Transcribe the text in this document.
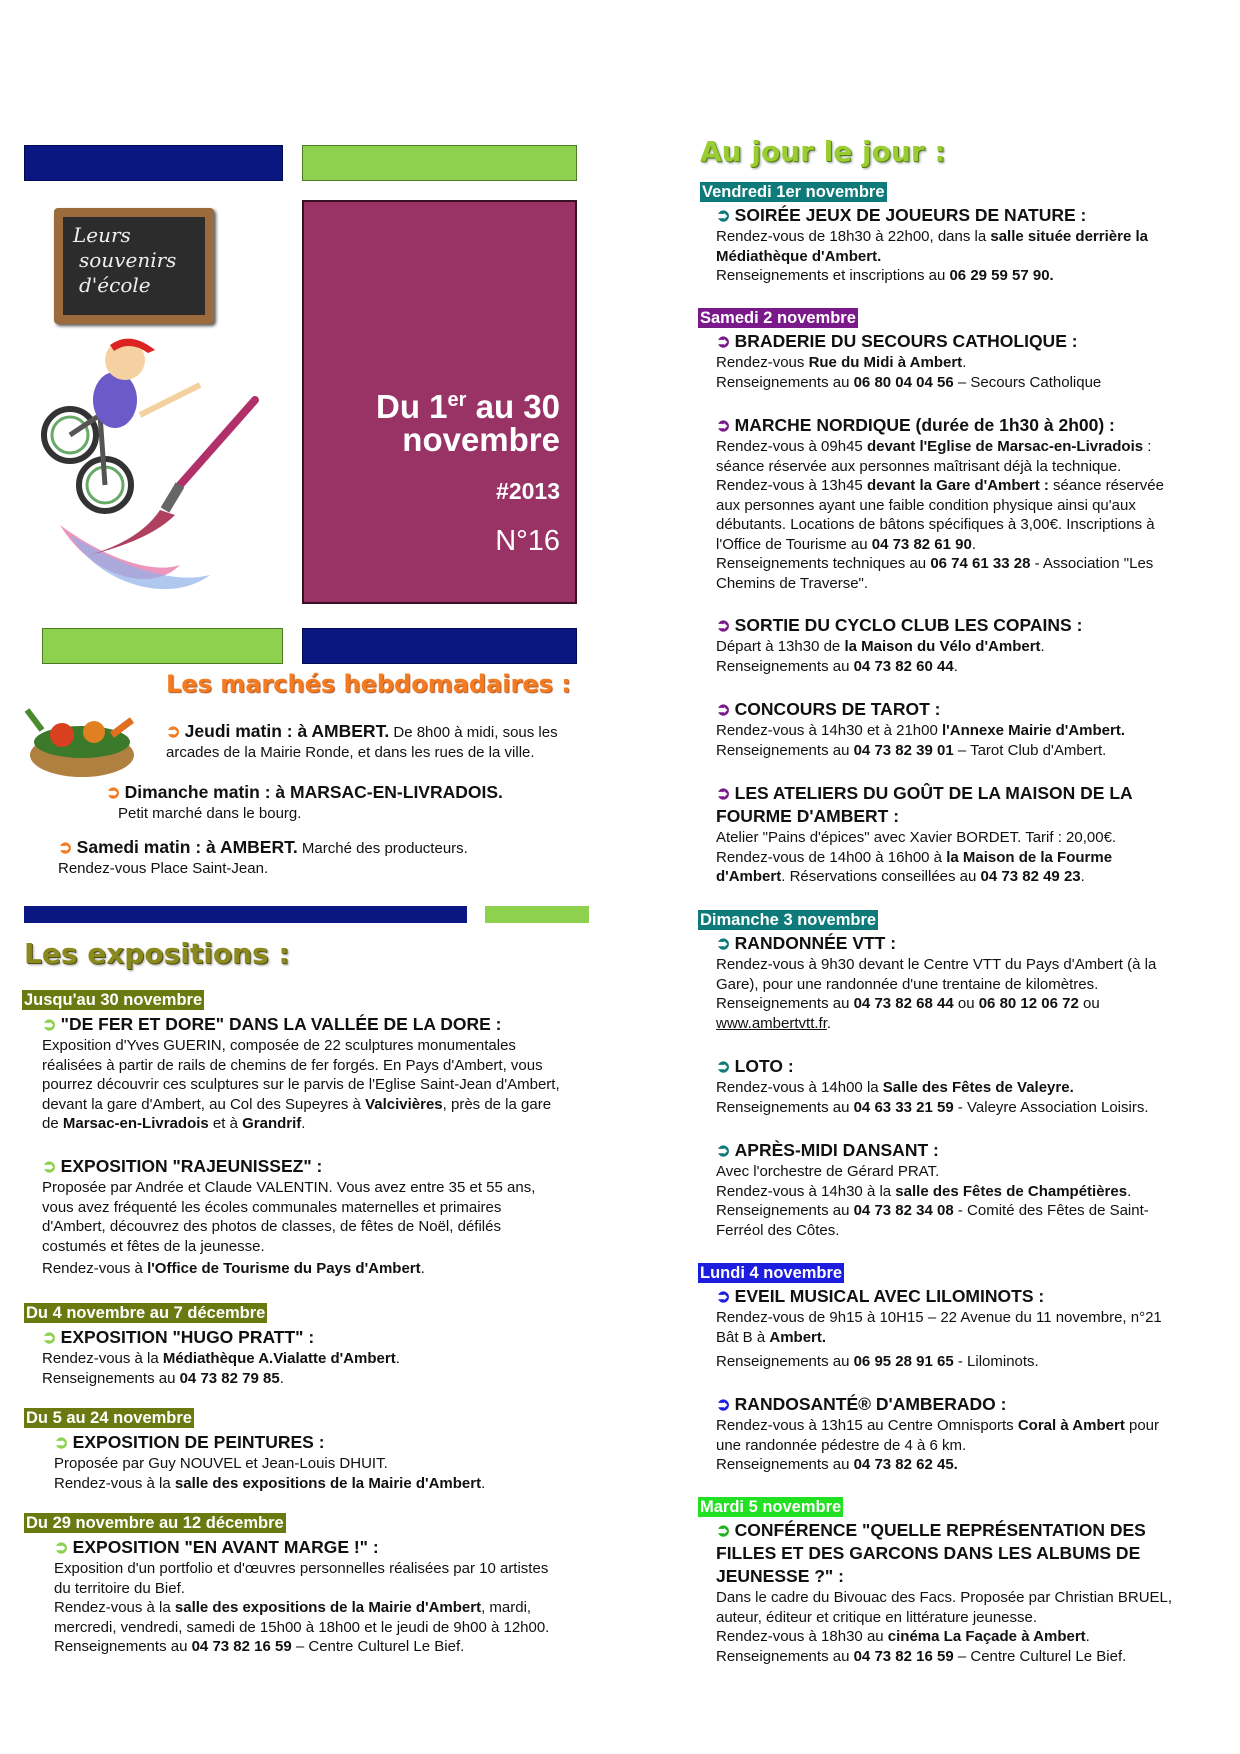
Leurs
souvenirs
d'école
Du 1er au 30
novembre
#2013
N°16
Les marchés hebdomadaires :
➲ Jeudi matin : à AMBERT. De 8h00 à midi, sous les
arcades de la Mairie Ronde, et dans les rues de la ville.
➲ Dimanche matin : à MARSAC-EN-LIVRADOIS.
Petit marché dans le bourg.
➲ Samedi matin : à AMBERT. Marché des producteurs.
Rendez-vous Place Saint-Jean.
Les expositions :
Jusqu'au 30 novembre
➲ "DE FER ET DORE" DANS LA VALLÉE DE LA DORE :
Exposition d'Yves GUERIN, composée de 22 sculptures monumentales
réalisées à partir de rails de chemins de fer forgés. En Pays d'Ambert, vous
pourrez découvrir ces sculptures sur le parvis de l'Eglise Saint-Jean d'Ambert,
devant la gare d'Ambert, au Col des Supeyres à Valcivières, près de la gare
de Marsac-en-Livradois et à Grandrif.
➲ EXPOSITION "RAJEUNISSEZ" :
Proposée par Andrée et Claude VALENTIN. Vous avez entre 35 et 55 ans,
vous avez fréquenté les écoles communales maternelles et primaires
d'Ambert, découvrez des photos de classes, de fêtes de Noël, défilés
costumés et fêtes de la jeunesse.
Rendez-vous à l'Office de Tourisme du Pays d'Ambert.
Du 4 novembre au 7 décembre
➲ EXPOSITION "HUGO PRATT" :
Rendez-vous à la Médiathèque A.Vialatte d'Ambert.
Renseignements au 04 73 82 79 85.
Du 5 au 24 novembre
➲ EXPOSITION DE PEINTURES :
Proposée par Guy NOUVEL et Jean-Louis DHUIT.
Rendez-vous à la salle des expositions de la Mairie d'Ambert.
Du 29 novembre au 12 décembre
➲ EXPOSITION "EN AVANT MARGE !" :
Exposition d'un portfolio et d'œuvres personnelles réalisées par 10 artistes
du territoire du Bief.
Rendez-vous à la salle des expositions de la Mairie d'Ambert, mardi,
mercredi, vendredi, samedi de 15h00 à 18h00 et le jeudi de 9h00 à 12h00.
Renseignements au 04 73 82 16 59 – Centre Culturel Le Bief.
Au jour le jour :
Vendredi 1er novembre
➲ SOIRÉE JEUX DE JOUEURS DE NATURE :
Rendez-vous de 18h30 à 22h00, dans la salle située derrière la
Médiathèque d'Ambert.
Renseignements et inscriptions au 06 29 59 57 90.
Samedi 2 novembre
➲ BRADERIE DU SECOURS CATHOLIQUE :
Rendez-vous Rue du Midi à Ambert.
Renseignements au 06 80 04 04 56 – Secours Catholique
➲ MARCHE NORDIQUE (durée de 1h30 à 2h00) :
Rendez-vous à 09h45 devant l'Eglise de Marsac-en-Livradois :
séance réservée aux personnes maîtrisant déjà la technique.
Rendez-vous à 13h45 devant la Gare d'Ambert : séance réservée
aux personnes ayant une faible condition physique ainsi qu'aux
débutants. Locations de bâtons spécifiques à 3,00€. Inscriptions à
l'Office de Tourisme au 04 73 82 61 90.
Renseignements techniques au 06 74 61 33 28 - Association "Les
Chemins de Traverse".
➲ SORTIE DU CYCLO CLUB LES COPAINS :
Départ à 13h30 de la Maison du Vélo d'Ambert.
Renseignements au 04 73 82 60 44.
➲ CONCOURS DE TAROT :
Rendez-vous à 14h30 et à 21h00 l'Annexe Mairie d'Ambert.
Renseignements au 04 73 82 39 01 – Tarot Club d'Ambert.
➲ LES ATELIERS DU GOÛT DE LA MAISON DE LA
FOURME D'AMBERT :
Atelier "Pains d'épices" avec Xavier BORDET. Tarif : 20,00€.
Rendez-vous de 14h00 à 16h00 à la Maison de la Fourme
d'Ambert. Réservations conseillées au 04 73 82 49 23.
Dimanche 3 novembre
➲ RANDONNÉE VTT :
Rendez-vous à 9h30 devant le Centre VTT du Pays d'Ambert (à la
Gare), pour une randonnée d'une trentaine de kilomètres.
Renseignements au 04 73 82 68 44 ou 06 80 12 06 72 ou
www.ambertvtt.fr.
➲ LOTO :
Rendez-vous à 14h00 la Salle des Fêtes de Valeyre.
Renseignements au 04 63 33 21 59 - Valeyre Association Loisirs.
➲ APRÈS-MIDI DANSANT :
Avec l'orchestre de Gérard PRAT.
Rendez-vous à 14h30 à la salle des Fêtes de Champétières.
Renseignements au 04 73 82 34 08 - Comité des Fêtes de Saint-
Ferréol des Côtes.
Lundi 4 novembre
➲ EVEIL MUSICAL AVEC LILOMINOTS :
Rendez-vous de 9h15 à 10H15 – 22 Avenue du 11 novembre, n°21
Bât B à Ambert.
Renseignements au 06 95 28 91 65 - Lilominots.
➲ RANDOSANTÉ® D'AMBERADO :
Rendez-vous à 13h15 au Centre Omnisports Coral à Ambert pour
une randonnée pédestre de 4 à 6 km.
Renseignements au 04 73 82 62 45.
Mardi 5 novembre
➲ CONFÉRENCE "QUELLE REPRÉSENTATION DES
FILLES ET DES GARCONS DANS LES ALBUMS DE
JEUNESSE ?" :
Dans le cadre du Bivouac des Facs. Proposée par Christian BRUEL,
auteur, éditeur et critique en littérature jeunesse.
Rendez-vous à 18h30 au cinéma La Façade à Ambert.
Renseignements au 04 73 82 16 59 – Centre Culturel Le Bief.
